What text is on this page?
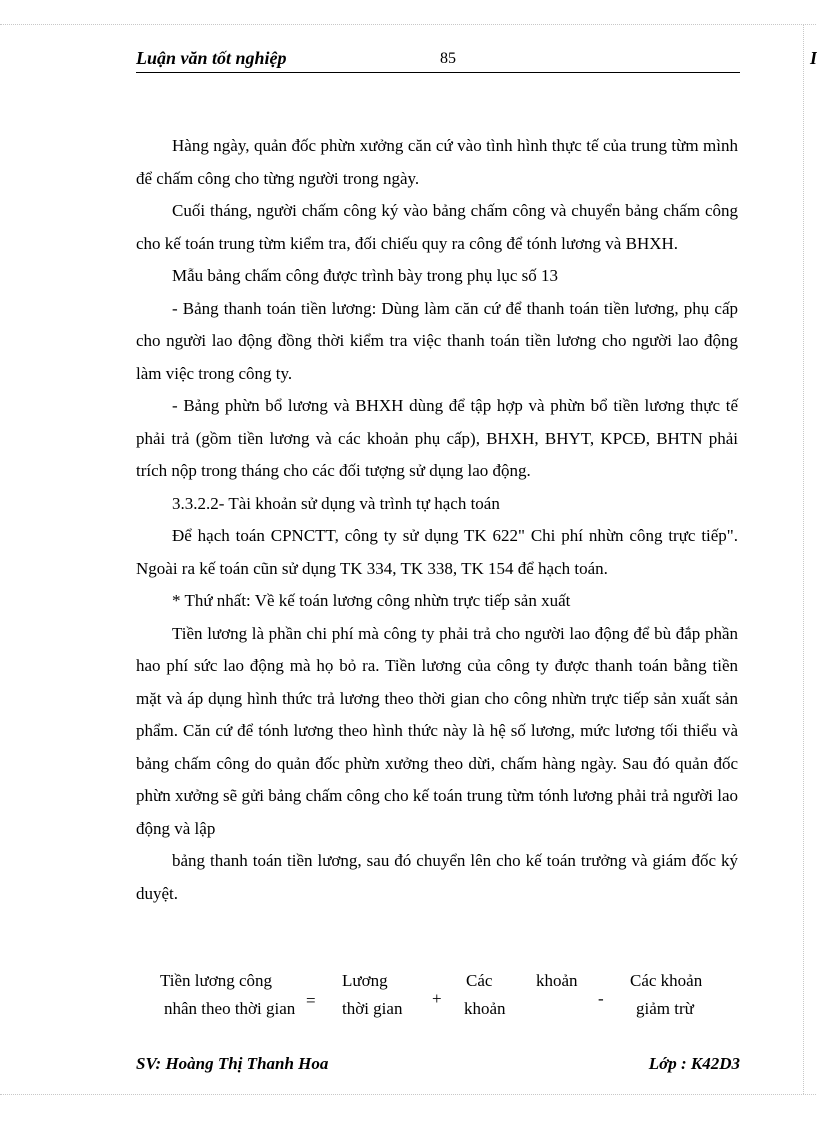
Luận văn tốt nghiệp	85	I

Hàng ngày, quản đốc phừn xưởng căn cứ vào tình hình thực tế của trung từm mình để chấm công cho từng người trong ngày.

Cuối tháng, người chấm công ký vào bảng chấm công và chuyển bảng chấm công cho kế toán trung từm kiểm tra, đối chiếu quy ra công để tónh lương và BHXH.

Mẫu bảng chấm công được trình bày trong phụ lục số 13

- Bảng thanh toán tiền lương: Dùng làm căn cứ để thanh toán tiền lương, phụ cấp cho người lao động đồng thời kiểm tra việc thanh toán tiền lương cho người lao động làm việc trong công ty.

- Bảng phừn bổ lương và BHXH dùng để tập hợp và phừn bổ tiền lương thực tế phải trả (gồm tiền lương và các khoản phụ cấp), BHXH, BHYT, KPCĐ, BHTN phải trích nộp trong tháng cho các đối tượng sử dụng lao động.

3.3.2.2- Tài khoản sử dụng và trình tự hạch toán

Để hạch toán CPNCTT, công ty sử dụng TK 622" Chi phí nhừn công trực tiếp". Ngoài ra kế toán cũn sử dụng TK 334, TK 338, TK 154 để hạch toán.

* Thứ nhất: Về kế toán lương công nhừn trực tiếp sản xuất

Tiền lương là phần chi phí mà công ty phải trả cho người lao động để bù đắp phần hao phí sức lao động mà họ bỏ ra. Tiền lương của công ty được thanh toán bằng tiền mặt và áp dụng hình thức trả lương theo thời gian cho công nhừn trực tiếp sản xuất sản phẩm. Căn cứ để tónh lương theo hình thức này là hệ số lương, mức lương tối thiểu và bảng chấm công do quản đốc phừn xưởng theo dừi, chấm hàng ngày. Sau đó quản đốc phừn xưởng sẽ gửi bảng chấm công cho kế toán trung từm tónh lương phải trả người lao động và lập

bảng thanh toán tiền lương, sau đó chuyển lên cho kế toán trưởng và giám đốc ký duyệt.

Tiền lương công
nhân theo thời gian =
Lương
thời gian
+
Các
khoản
khoản
-
Các khoản
giảm trừ
SV: Hoàng Thị Thanh Hoa	Lớp : K42D3
